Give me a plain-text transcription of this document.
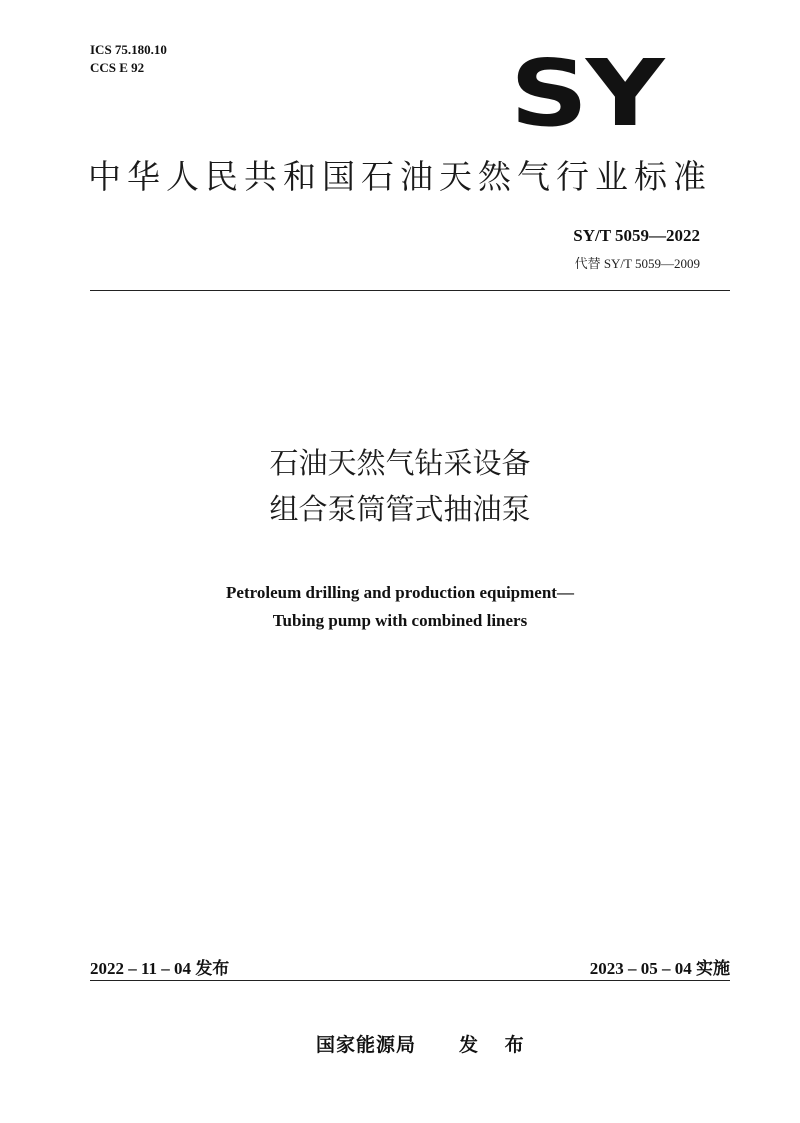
ICS 75.180.10
CCS E 92	SY
中华人民共和国石油天然气行业标准
SY/T 5059—2022
代替 SY/T 5059—2009
石油天然气钻采设备
组合泵筒管式抽油泵
Petroleum drilling and production equipment—
Tubing pump with combined liners
2022 – 11 – 04 发布	2023 – 05 – 04 实施
国家能源局 发 布
